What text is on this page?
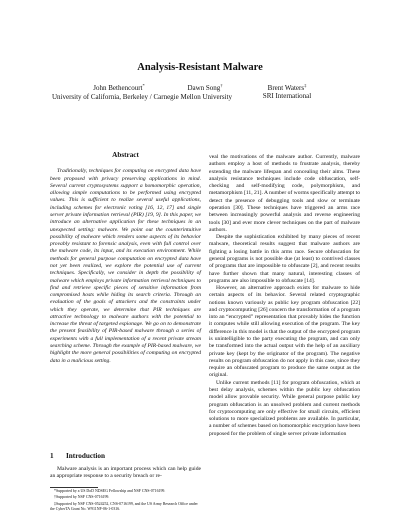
Analysis-Resistant Malware
John Bethencourt*	Dawn Song†	Brent Waters‡
SRI International
University of California, Berkeley / Carnegie Mellon University
Abstract

Traditionally, techniques for computing on encrypted data have been proposed with privacy preserving applications in mind. Several current cryptosystems support a homomorphic operation, allowing simple computations to be performed using encrypted values. This is sufficient to realize several useful applications, including schemes for electronic voting [16, 12, 17] and single server private information retrieval (PIR) [19, 9]. In this paper, we introduce an alternative application for these techniques in an unexpected setting: malware. We point out the counterintuitive possibility of malware which renders some aspects of its behavior provably resistant to forensic analysis, even with full control over the malware code, its input, and its execution environment. While methods for general purpose computation on encrypted data have not yet been realized, we explore the potential use of current techniques. Specifically, we consider in depth the possibility of malware which employs private information retrieval techniques to find and retrieve specific pieces of sensitive information from compromised hosts while hiding its search criteria. Through an evaluation of the goals of attackers and the constraints under which they operate, we determine that PIR techniques are attractive technology to malware authors with the potential to increase the threat of targeted espionage. We go on to demonstrate the present feasibility of PIR-based malware through a series of experiments with a full implementation of a recent private stream searching scheme. Through the example of PIR-based malware, we highlight the more general possibilities of computing on encrypted data in a malicious setting.

1 Introduction

Malware analysis is an important process which can help guide an appropriate response to a security breach or re-

*Supported by a US DoD NDSEG Fellowship and NSF CNS-0716199.
†Supported by NSF CNS-0716199.
‡Supported by NSF CNS-0524252, CNS-0716199, and the US Army Research Office under the CyberTA Grant No. W911NF-06-1-0316.

veal the motivations of the malware author. Currently, malware authors employ a host of methods to frustrate analysis, thereby extending the malware lifespan and concealing their aims. These analysis resistance techniques include code obfuscation, self-checking and self-modifying code, polymorphism, and metamorphism [11, 21]. A number of worms specifically attempt to detect the presence of debugging tools and slow or terminate operation [30]. These techniques have triggered an arms race between increasingly powerful analysis and reverse engineering tools [30] and ever more clever techniques on the part of malware authors.

Despite the sophistication exhibited by many pieces of recent malware, theoretical results suggest that malware authors are fighting a losing battle in this arms race. Secure obfuscation for general programs is not possible due (at least) to contrived classes of programs that are impossible to obfuscate [2], and recent results have further shown that many natural, interesting classes of programs are also impossible to obfuscate [14].

However, an alternative approach exists for malware to hide certain aspects of its behavior. Several related cryptographic notions known variously as public key program obfuscation [22] and cryptocomputing [26] concern the transformation of a program into an “encrypted” representation that provably hides the function it computes while still allowing execution of the program. The key difference in this model is that the output of the encrypted program is unintelligible to the party executing the program, and can only be transformed into the actual output with the help of an auxiliary private key (kept by the originator of the program). The negative results on program obfuscation do not apply in this case, since they require an obfuscated program to produce the same output as the original.

Unlike current methods [11] for program obfuscation, which at best delay analysis, schemes within the public key obfuscation model allow provable security. While general purpose public key program obfuscation is an unsolved problem and current methods for cryptocomputing are only effective for small circuits, efficient solutions to more specialized problems are available. In particular, a number of schemes based on homomorphic encryption have been proposed for the problem of single server private information
